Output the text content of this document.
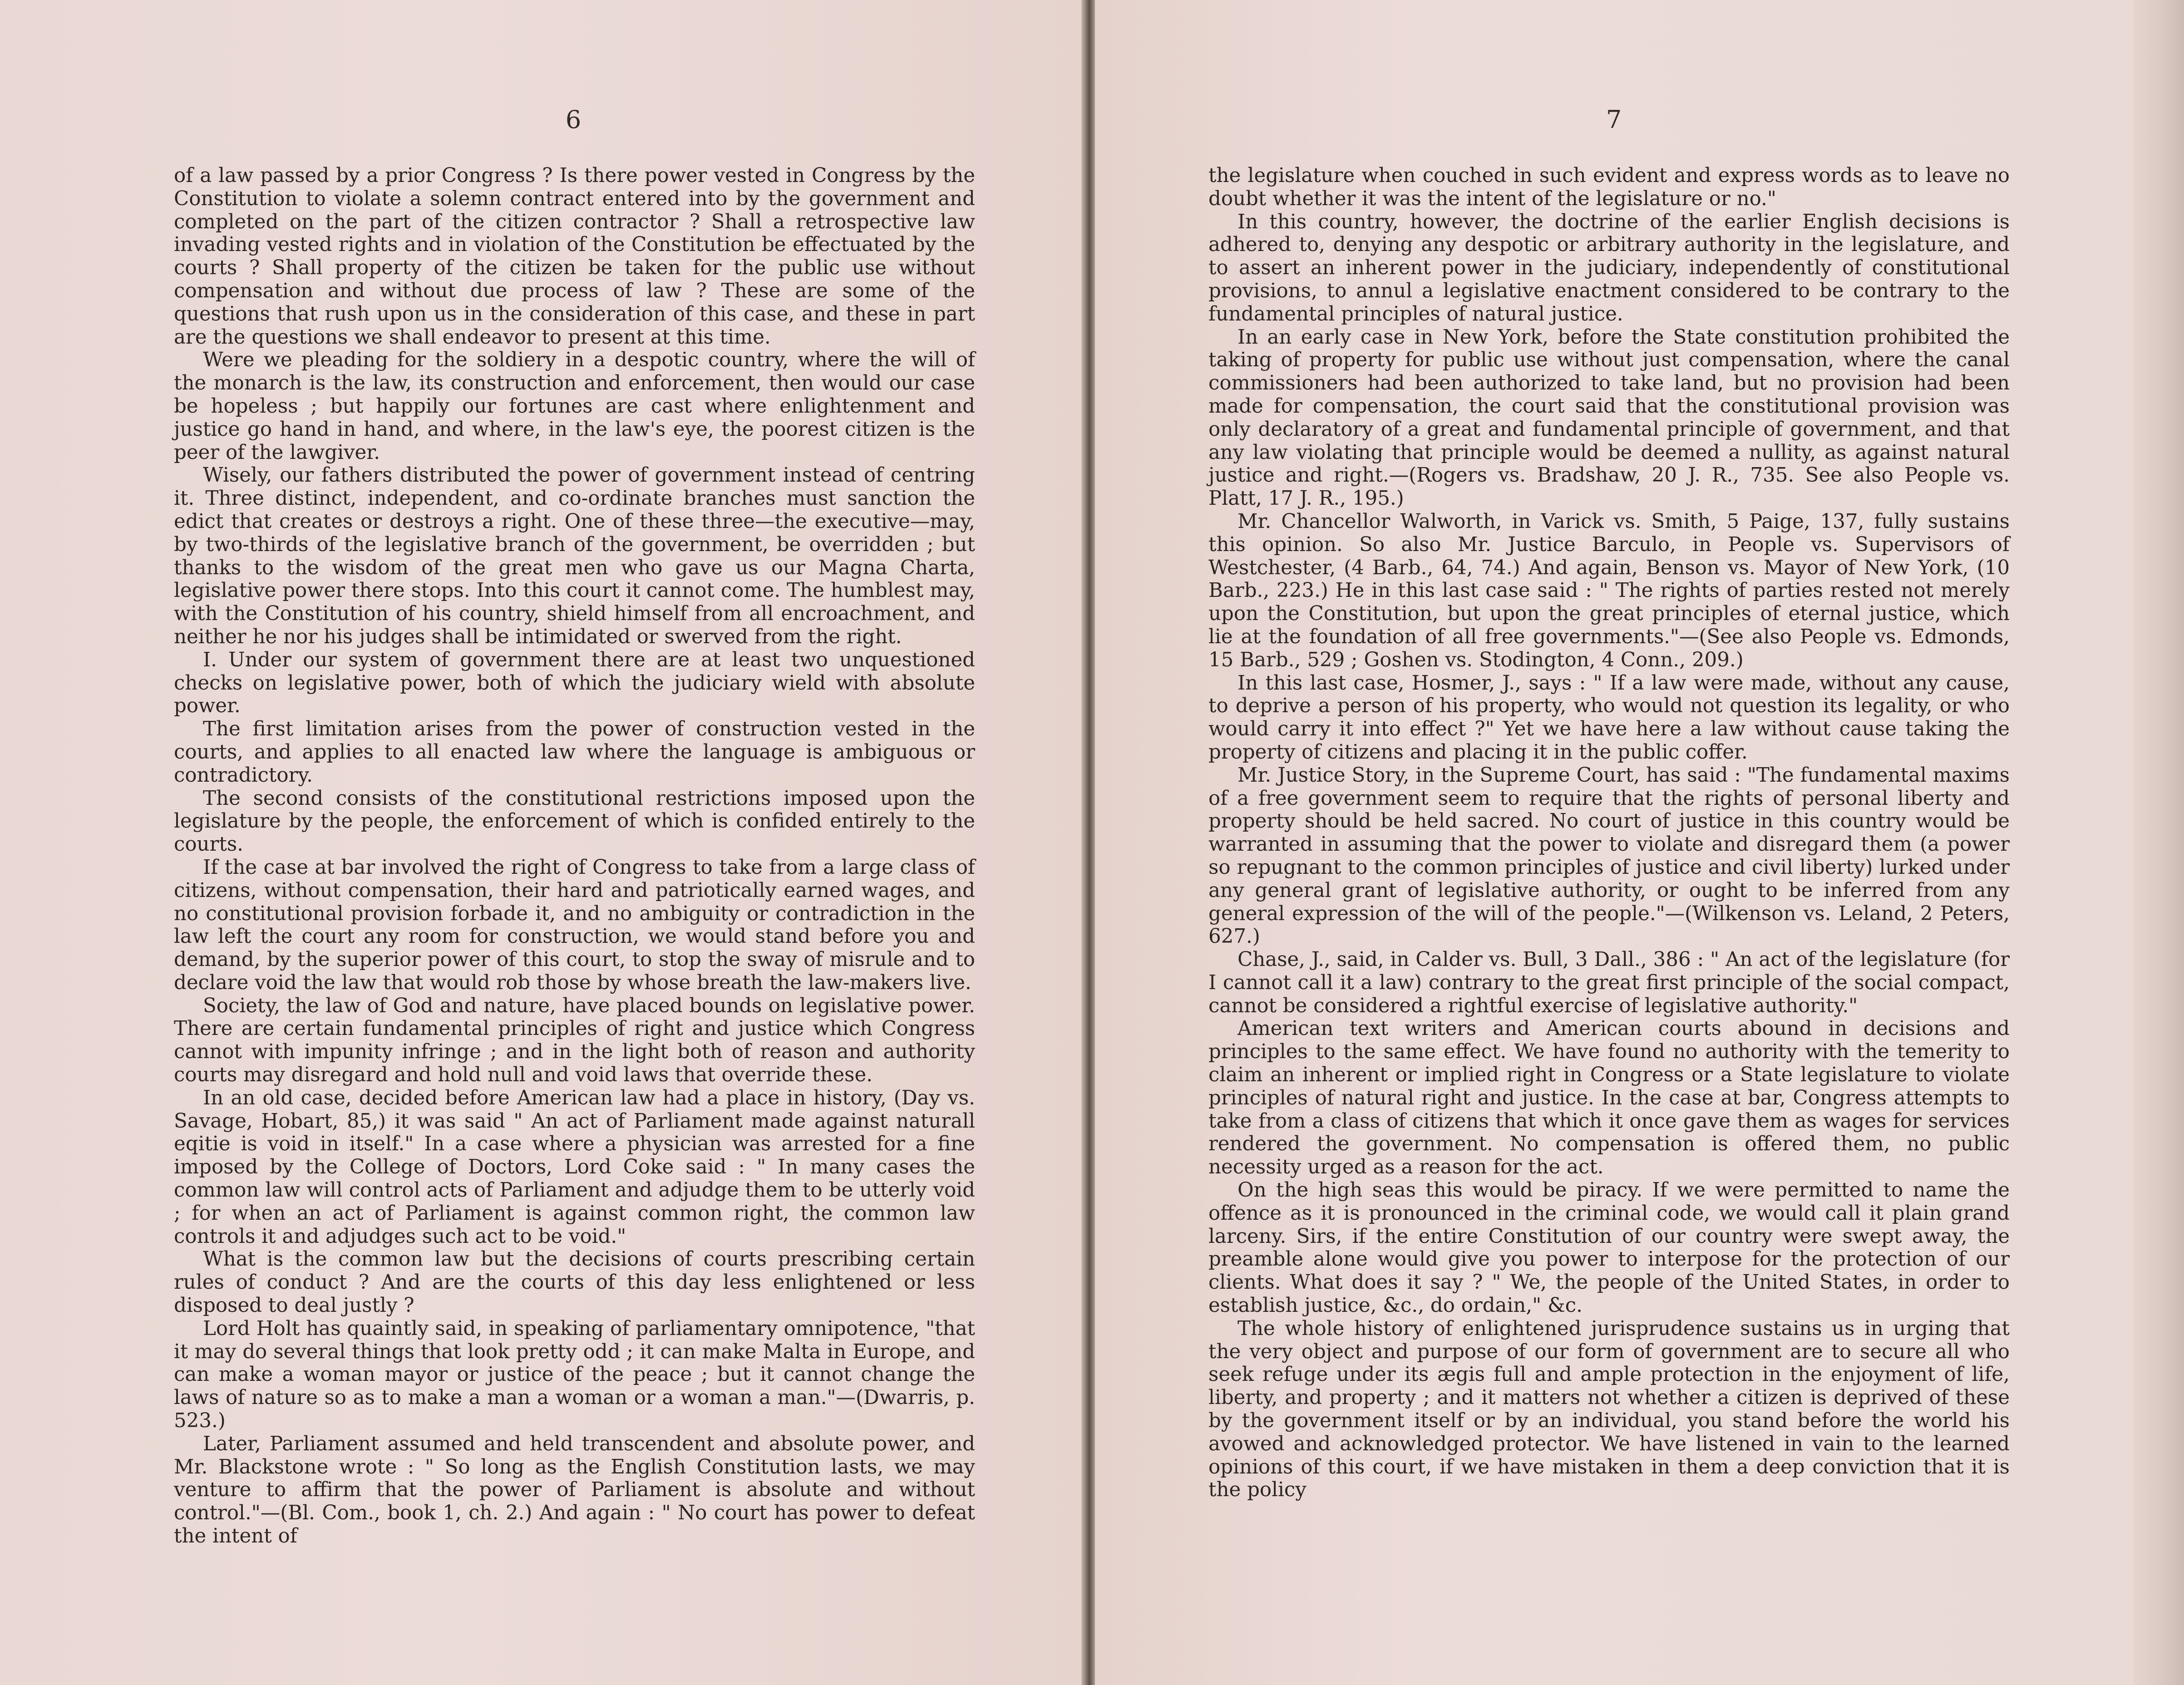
6

of a law passed by a prior Congress ? Is there power vested in Congress by the Constitution to violate a solemn contract entered into by the government and completed on the part of the citizen contractor ? Shall a retrospective law invading vested rights and in violation of the Constitution be effectuated by the courts ? Shall property of the citizen be taken for the public use without compensation and without due process of law ? These are some of the questions that rush upon us in the consideration of this case, and these in part are the questions we shall endeavor to present at this time.

Were we pleading for the soldiery in a despotic country, where the will of the monarch is the law, its construction and enforcement, then would our case be hopeless ; but happily our fortunes are cast where enlightenment and justice go hand in hand, and where, in the law's eye, the poorest citizen is the peer of the lawgiver.

Wisely, our fathers distributed the power of government instead of centring it. Three distinct, independent, and co-ordinate branches must sanction the edict that creates or destroys a right. One of these three—the executive—may, by two-thirds of the legislative branch of the government, be overridden ; but thanks to the wisdom of the great men who gave us our Magna Charta, legislative power there stops. Into this court it cannot come. The humblest may, with the Constitution of his country, shield himself from all encroachment, and neither he nor his judges shall be intimidated or swerved from the right.

I. Under our system of government there are at least two unquestioned checks on legislative power, both of which the judiciary wield with absolute power.

The first limitation arises from the power of construction vested in the courts, and applies to all enacted law where the language is ambiguous or contradictory.

The second consists of the constitutional restrictions imposed upon the legislature by the people, the enforcement of which is confided entirely to the courts.

If the case at bar involved the right of Congress to take from a large class of citizens, without compensation, their hard and patriotically earned wages, and no constitutional provision forbade it, and no ambiguity or contradiction in the law left the court any room for construction, we would stand before you and demand, by the superior power of this court, to stop the sway of misrule and to declare void the law that would rob those by whose breath the law-makers live.

Society, the law of God and nature, have placed bounds on legislative power. There are certain fundamental principles of right and justice which Congress cannot with impunity infringe ; and in the light both of reason and authority courts may disregard and hold null and void laws that override these.

In an old case, decided before American law had a place in history, (Day vs. Savage, Hobart, 85,) it was said " An act of Parliament made against naturall eqitie is void in itself." In a case where a physician was arrested for a fine imposed by the College of Doctors, Lord Coke said : " In many cases the common law will control acts of Parliament and adjudge them to be utterly void ; for when an act of Parliament is against common right, the common law controls it and adjudges such act to be void."

What is the common law but the decisions of courts prescribing certain rules of conduct ? And are the courts of this day less enlightened or less disposed to deal justly ?

Lord Holt has quaintly said, in speaking of parliamentary omnipotence, "that it may do several things that look pretty odd ; it can make Malta in Europe, and can make a woman mayor or justice of the peace ; but it cannot change the laws of nature so as to make a man a woman or a woman a man."—(Dwarris, p. 523.)

Later, Parliament assumed and held transcendent and absolute power, and Mr. Blackstone wrote : " So long as the English Constitution lasts, we may venture to affirm that the power of Parliament is absolute and without control."—(Bl. Com., book 1, ch. 2.) And again : " No court has power to defeat the intent of

7

the legislature when couched in such evident and express words as to leave no doubt whether it was the intent of the legislature or no."

In this country, however, the doctrine of the earlier English decisions is adhered to, denying any despotic or arbitrary authority in the legislature, and to assert an inherent power in the judiciary, independently of constitutional provisions, to annul a legislative enactment considered to be contrary to the fundamental principles of natural justice.

In an early case in New York, before the State constitution prohibited the taking of property for public use without just compensation, where the canal commissioners had been authorized to take land, but no provision had been made for compensation, the court said that the constitutional provision was only declaratory of a great and fundamental principle of government, and that any law violating that principle would be deemed a nullity, as against natural justice and right.—(Rogers vs. Bradshaw, 20 J. R., 735. See also People vs. Platt, 17 J. R., 195.)

Mr. Chancellor Walworth, in Varick vs. Smith, 5 Paige, 137, fully sustains this opinion. So also Mr. Justice Barculo, in People vs. Supervisors of Westchester, (4 Barb., 64, 74.) And again, Benson vs. Mayor of New York, (10 Barb., 223.) He in this last case said : " The rights of parties rested not merely upon the Constitution, but upon the great principles of eternal justice, which lie at the foundation of all free governments."—(See also People vs. Edmonds, 15 Barb., 529 ; Goshen vs. Stodington, 4 Conn., 209.)

In this last case, Hosmer, J., says : " If a law were made, without any cause, to deprive a person of his property, who would not question its legality, or who would carry it into effect ?" Yet we have here a law without cause taking the property of citizens and placing it in the public coffer.

Mr. Justice Story, in the Supreme Court, has said : "The fundamental maxims of a free government seem to require that the rights of personal liberty and property should be held sacred. No court of justice in this country would be warranted in assuming that the power to violate and disregard them (a power so repugnant to the common principles of justice and civil liberty) lurked under any general grant of legislative authority, or ought to be inferred from any general expression of the will of the people."—(Wilkenson vs. Leland, 2 Peters, 627.)

Chase, J., said, in Calder vs. Bull, 3 Dall., 386 : " An act of the legislature (for I cannot call it a law) contrary to the great first principle of the social compact, cannot be considered a rightful exercise of legislative authority."

American text writers and American courts abound in decisions and principles to the same effect. We have found no authority with the temerity to claim an inherent or implied right in Congress or a State legislature to violate principles of natural right and justice. In the case at bar, Congress attempts to take from a class of citizens that which it once gave them as wages for services rendered the government. No compensation is offered them, no public necessity urged as a reason for the act.

On the high seas this would be piracy. If we were permitted to name the offence as it is pronounced in the criminal code, we would call it plain grand larceny. Sirs, if the entire Constitution of our country were swept away, the preamble alone would give you power to interpose for the protection of our clients. What does it say ? " We, the people of the United States, in order to establish justice, &c., do ordain," &c.

The whole history of enlightened jurisprudence sustains us in urging that the very object and purpose of our form of government are to secure all who seek refuge under its ægis full and ample protection in the enjoyment of life, liberty, and property ; and it matters not whether a citizen is deprived of these by the government itself or by an individual, you stand before the world his avowed and acknowledged protector. We have listened in vain to the learned opinions of this court, if we have mistaken in them a deep conviction that it is the policy
